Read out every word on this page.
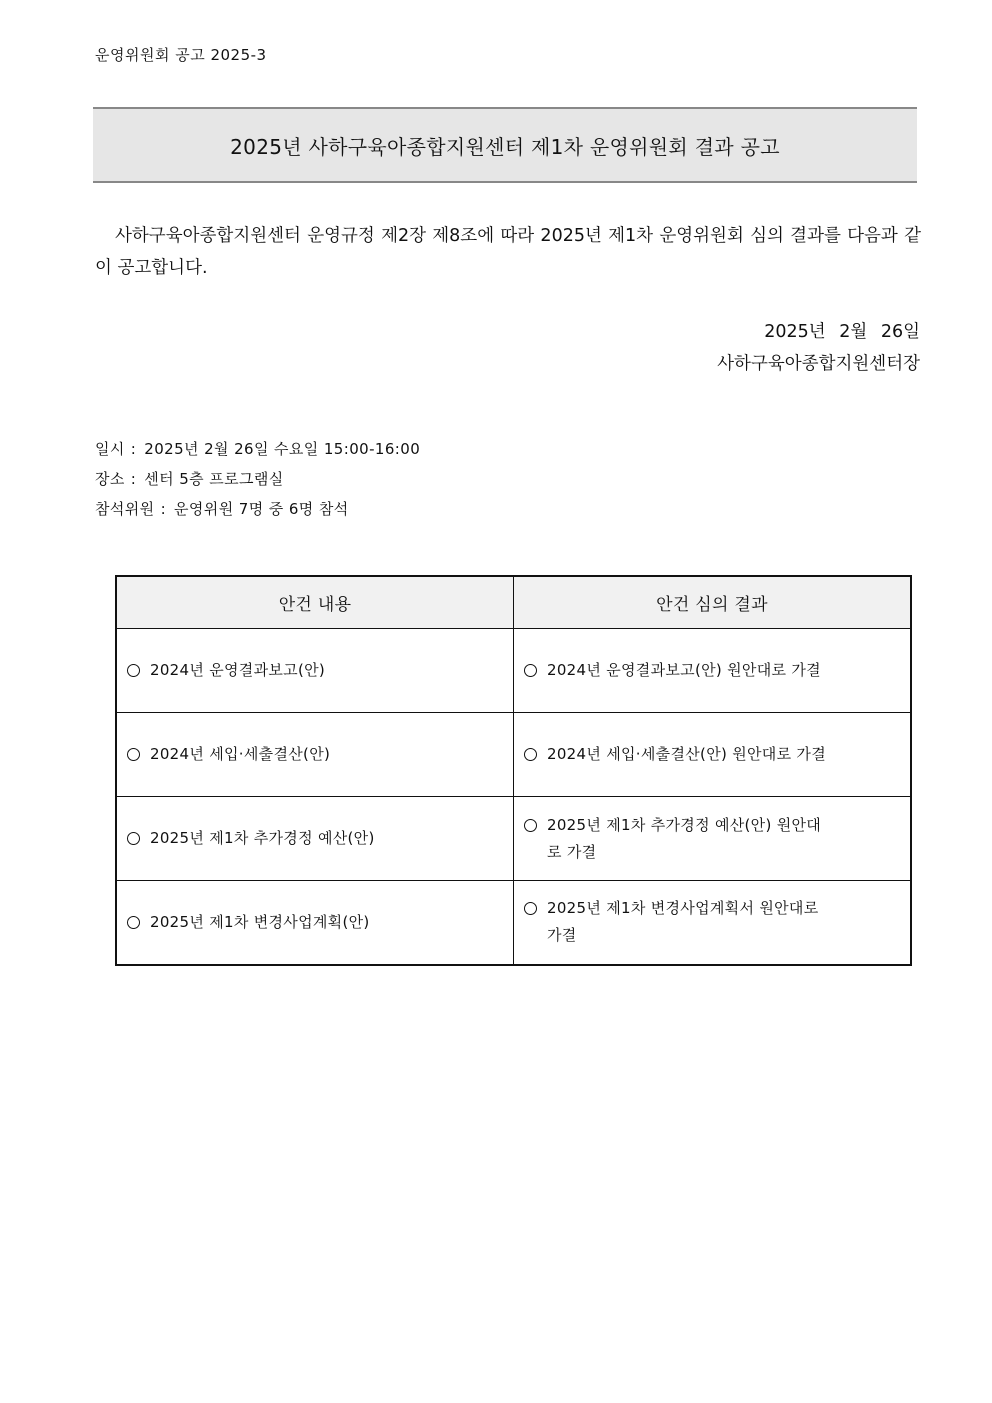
운영위원회 공고 2025-3
2025년 사하구육아종합지원센터 제1차 운영위원회 결과 공고
사하구육아종합지원센터 운영규정 제2장 제8조에 따라 2025년 제1차 운영위원회 심의 결과를 다음과 같이 공고합니다.
2025년 2월 26일
사하구육아종합지원센터장
일시 : 2025년 2월 26일 수요일 15:00-16:00
장소 : 센터 5층 프로그램실
참석위원 : 운영위원 7명 중 6명 참석
안건 내용	안건 심의 결과

2024년 운영결과보고(안)	2024년 운영결과보고(안) 원안대로 가결

2024년 세입·세출결산(안)	2024년 세입·세출결산(안) 원안대로 가결

2025년 제1차 추가경정 예산(안)	2025년 제1차 추가경정 예산(안) 원안대로 가결

2025년 제1차 변경사업계획(안)	2025년 제1차 변경사업계획서 원안대로 가결
